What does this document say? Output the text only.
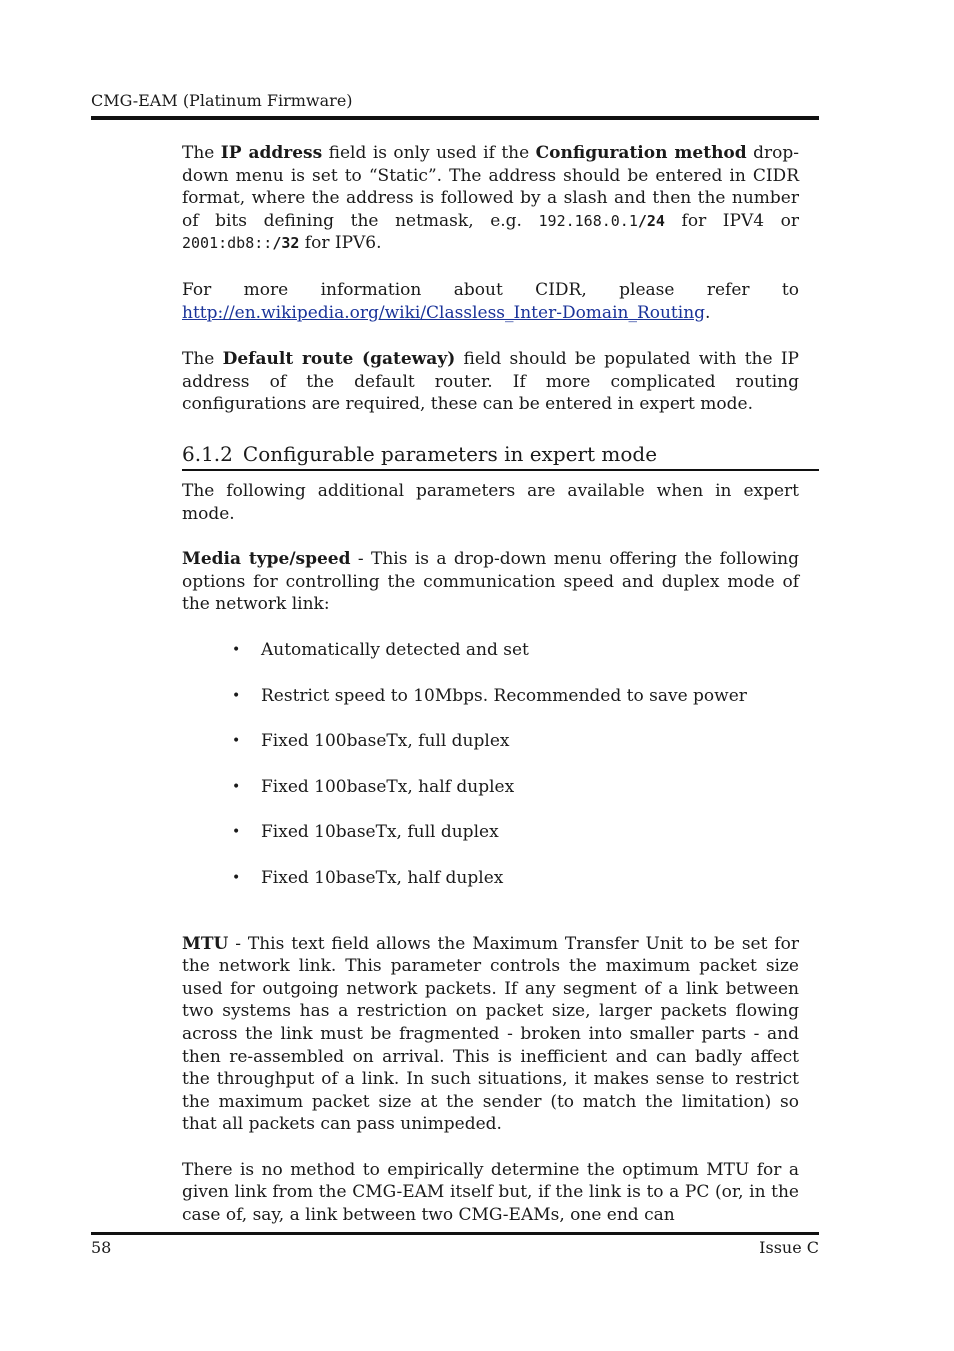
CMG-EAM (Platinum Firmware)

The IP address field is only used if the Configuration method drop-down menu is set to “Static”. The address should be entered in CIDR format, where the address is followed by a slash and then the number of bits defining the netmask, e.g. 192.168.0.1/24 for IPV4 or 2001:db8::/32 for IPV6.

For more information about CIDR, please refer to http://en.wikipedia.org/wiki/Classless_Inter-Domain_Routing.

The Default route (gateway) field should be populated with the IP address of the default router. If more complicated routing configurations are required, these can be entered in expert mode.

6.1.2 Configurable parameters in expert mode

The following additional parameters are available when in expert mode.

Media type/speed - This is a drop-down menu offering the following options for controlling the communication speed and duplex mode of the network link:

• Automatically detected and set
• Restrict speed to 10Mbps. Recommended to save power
• Fixed 100baseTx, full duplex
• Fixed 100baseTx, half duplex
• Fixed 10baseTx, full duplex
• Fixed 10baseTx, half duplex

MTU - This text field allows the Maximum Transfer Unit to be set for the network link. This parameter controls the maximum packet size used for outgoing network packets. If any segment of a link between two systems has a restriction on packet size, larger packets flowing across the link must be fragmented - broken into smaller parts - and then re-assembled on arrival. This is inefficient and can badly affect the throughput of a link. In such situations, it makes sense to restrict the maximum packet size at the sender (to match the limitation) so that all packets can pass unimpeded.

There is no method to empirically determine the optimum MTU for a given link from the CMG-EAM itself but, if the link is to a PC (or, in the case of, say, a link between two CMG-EAMs, one end can

58	Issue C
